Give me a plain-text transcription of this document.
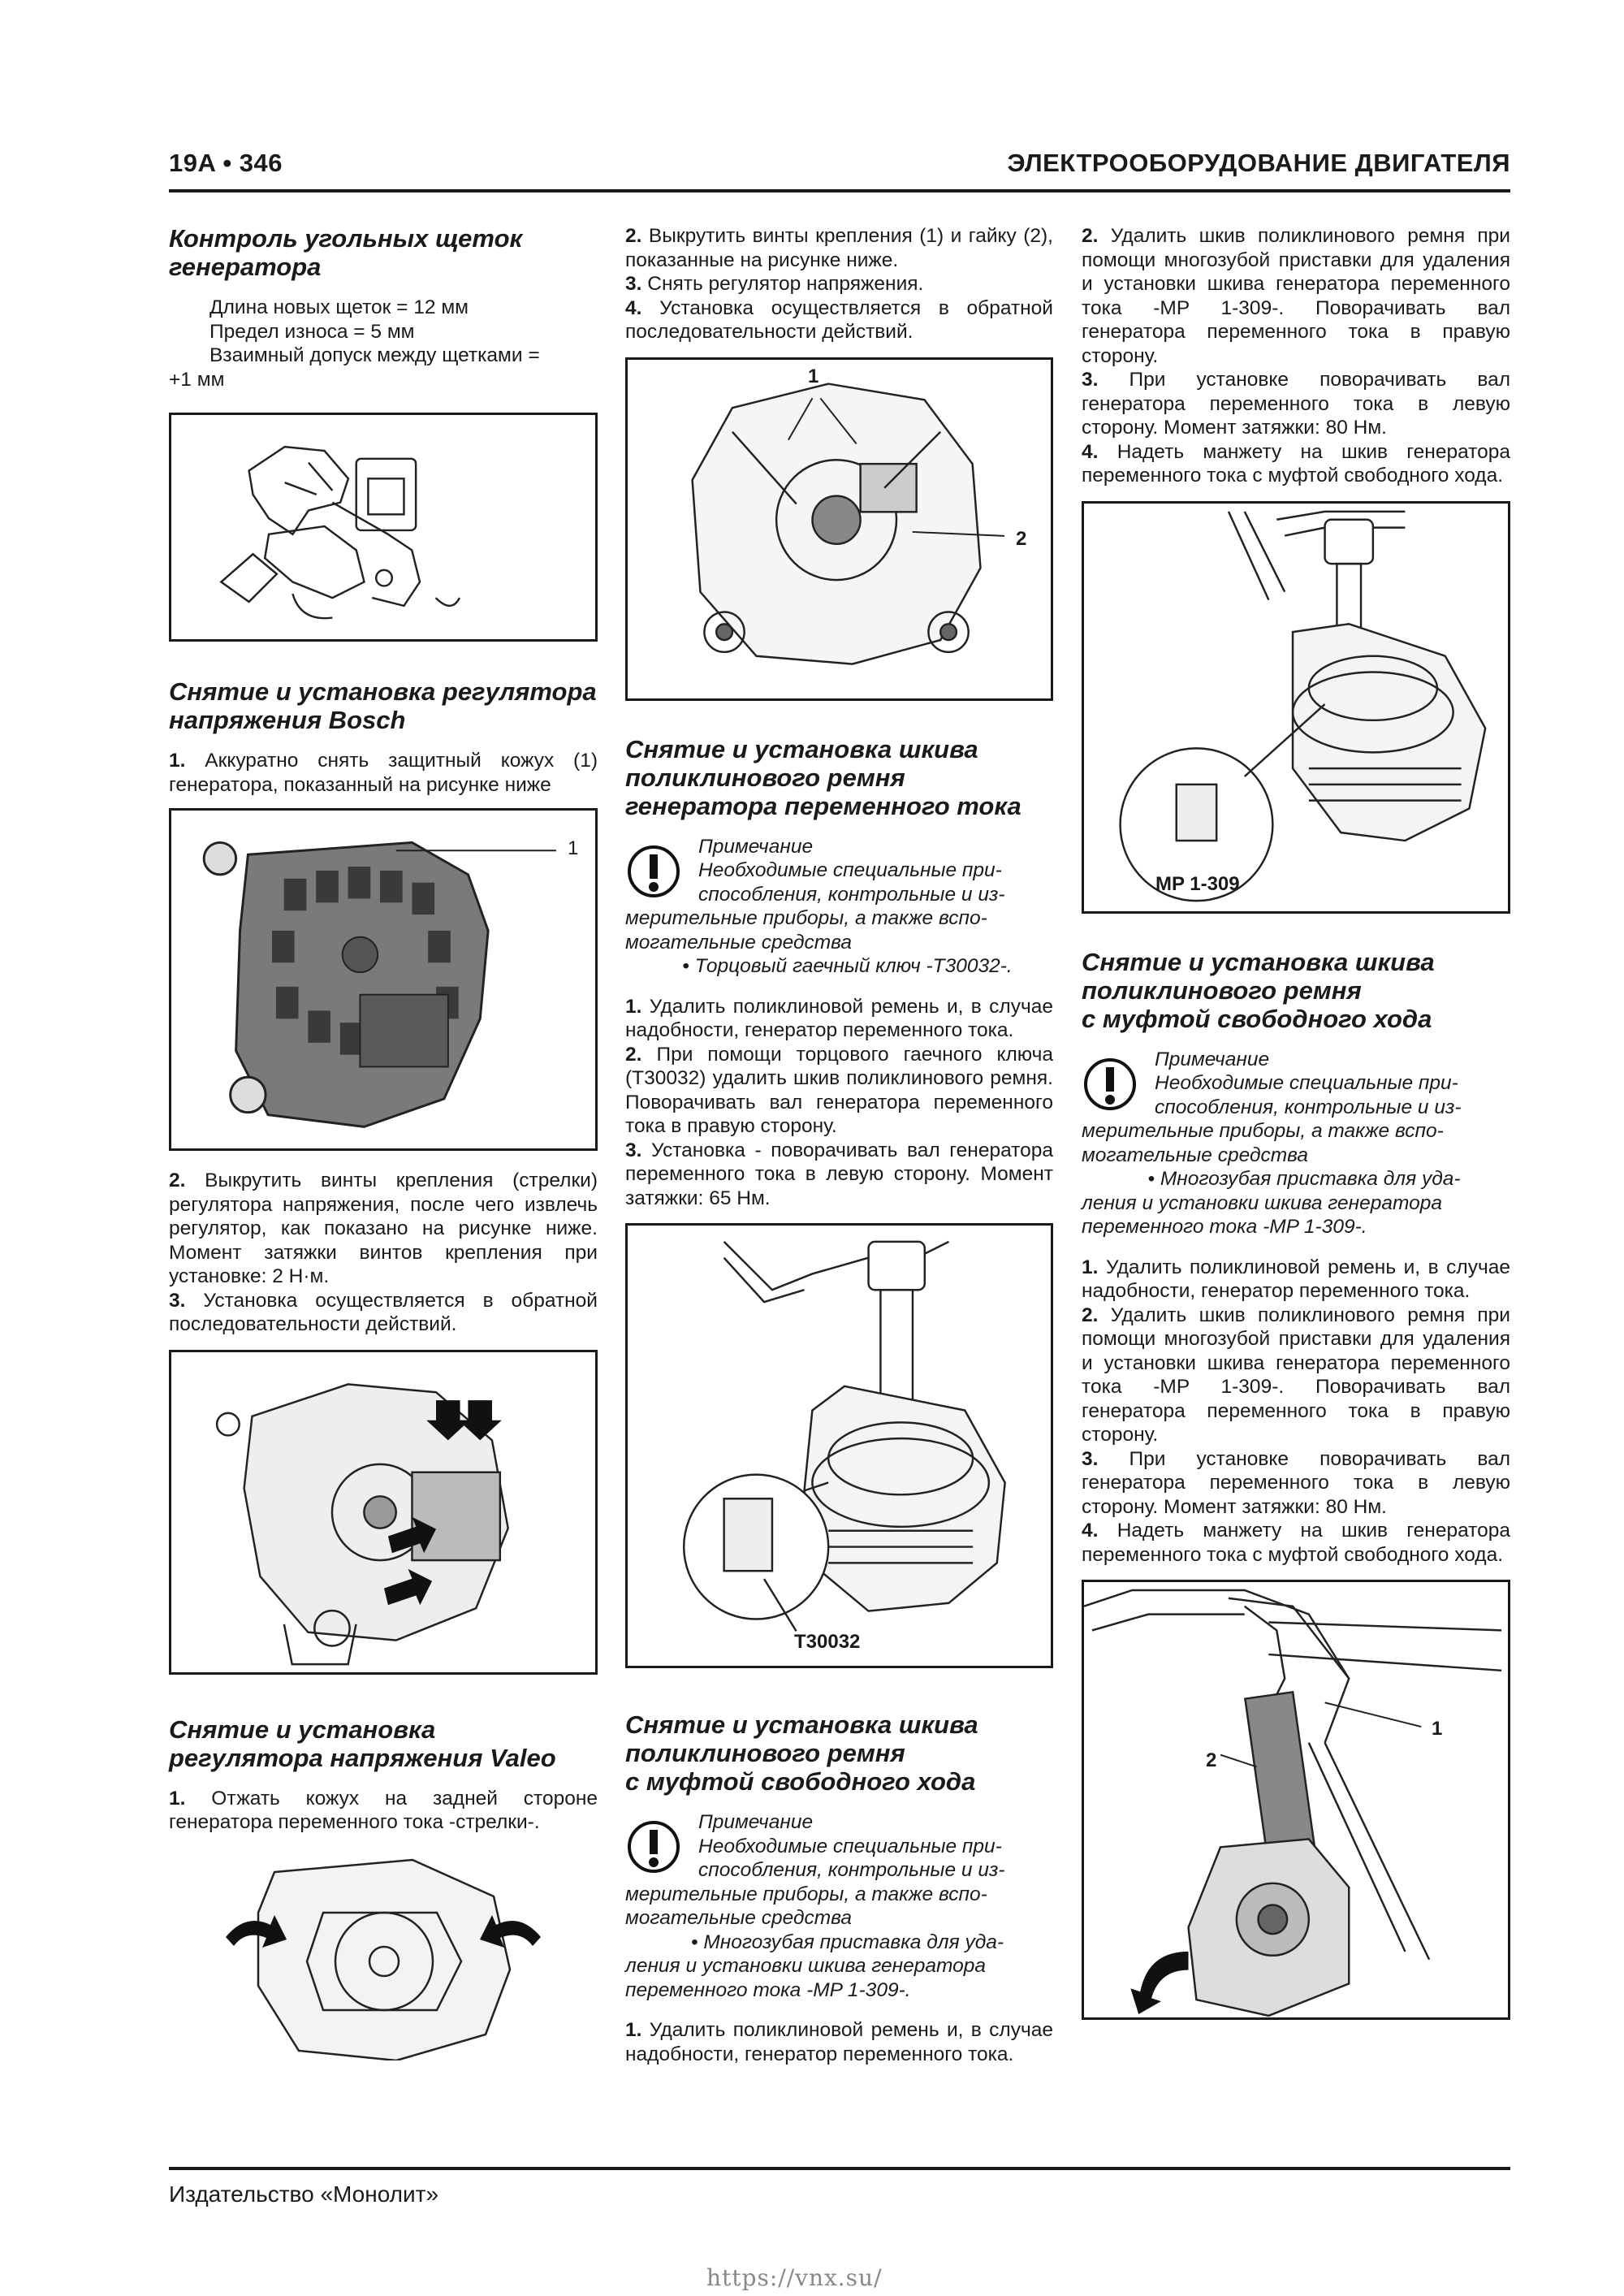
19A • 346	ЭЛЕКТРООБОРУДОВАНИЕ ДВИГАТЕЛЯ
Контроль угольных щеток
генератора

Длина новых щеток = 12 мм

Предел износа = 5 мм

Взаимный допуск между щетками =

+1 мм

Снятие и установка регулятора
напряжения Bosch

1. Аккуратно снять защитный кожух (1) генератора, показанный на рисунке ниже

1

2. Выкрутить винты крепления (стрелки) регулятора напряжения, после чего извлечь регулятор, как показано на рисунке ниже. Момент затяжки винтов крепления при установке: 2 Н·м.

3. Установка осуществляется в обратной последовательности действий.

Снятие и установка
регулятора напряжения Valeo

1. Отжать кожух на задней стороне генератора переменного тока -стрелки-.

2. Выкрутить винты крепления (1) и гайку (2), показанные на рисунке ниже.

3. Снять регулятор напряжения.

4. Установка осуществляется в обратной последовательности действий.

1
2
Снятие и установка шкива
поликлинового ремня
генератора переменного тока

Примечание

Необходимые специальные при-

способления, контрольные и из-

мерительные приборы, а также вспо-

могательные средства

• Торцовый гаечный ключ -T30032-.

1. Удалить поликлиновой ремень и, в случае надобности, генератор переменного тока.

2. При помощи торцового гаечного ключа (T30032) удалить шкив поликлинового ремня. Поворачивать вал генератора переменного тока в правую сторону.

3. Установка - поворачивать вал генератора переменного тока в левую сторону. Момент затяжки: 65 Нм.

T30032
Снятие и установка шкива
поликлинового ремня
с муфтой свободного хода

Примечание

Необходимые специальные при-

способления, контрольные и из-

мерительные приборы, а также вспо-

могательные средства

• Многозубая приставка для уда-

ления и установки шкива генератора

переменного тока -MP 1-309-.

1. Удалить поликлиновой ремень и, в случае надобности, генератор переменного тока.

2. Удалить шкив поликлинового ремня при помощи многозубой приставки для удаления и установки шкива генератора переменного тока -MP 1-309-. Поворачивать вал генератора переменного тока в правую сторону.

3. При установке поворачивать вал генератора переменного тока в левую сторону. Момент затяжки: 80 Нм.

4. Надеть манжету на шкив генератора переменного тока с муфтой свободного хода.

MP 1-309
Снятие и установка шкива
поликлинового ремня
с муфтой свободного хода

Примечание

Необходимые специальные при-

способления, контрольные и из-

мерительные приборы, а также вспо-

могательные средства

• Многозубая приставка для уда-

ления и установки шкива генератора

переменного тока -MP 1-309-.

1. Удалить поликлиновой ремень и, в случае надобности, генератор переменного тока.

2. Удалить шкив поликлинового ремня при помощи многозубой приставки для удаления и установки шкива генератора переменного тока -MP 1-309-. Поворачивать вал генератора переменного тока в правую сторону.

3. При установке поворачивать вал генератора переменного тока в левую сторону. Момент затяжки: 80 Нм.

4. Надеть манжету на шкив генератора переменного тока с муфтой свободного хода.

1
2
Издательство «Монолит»
https://vnx.su/
